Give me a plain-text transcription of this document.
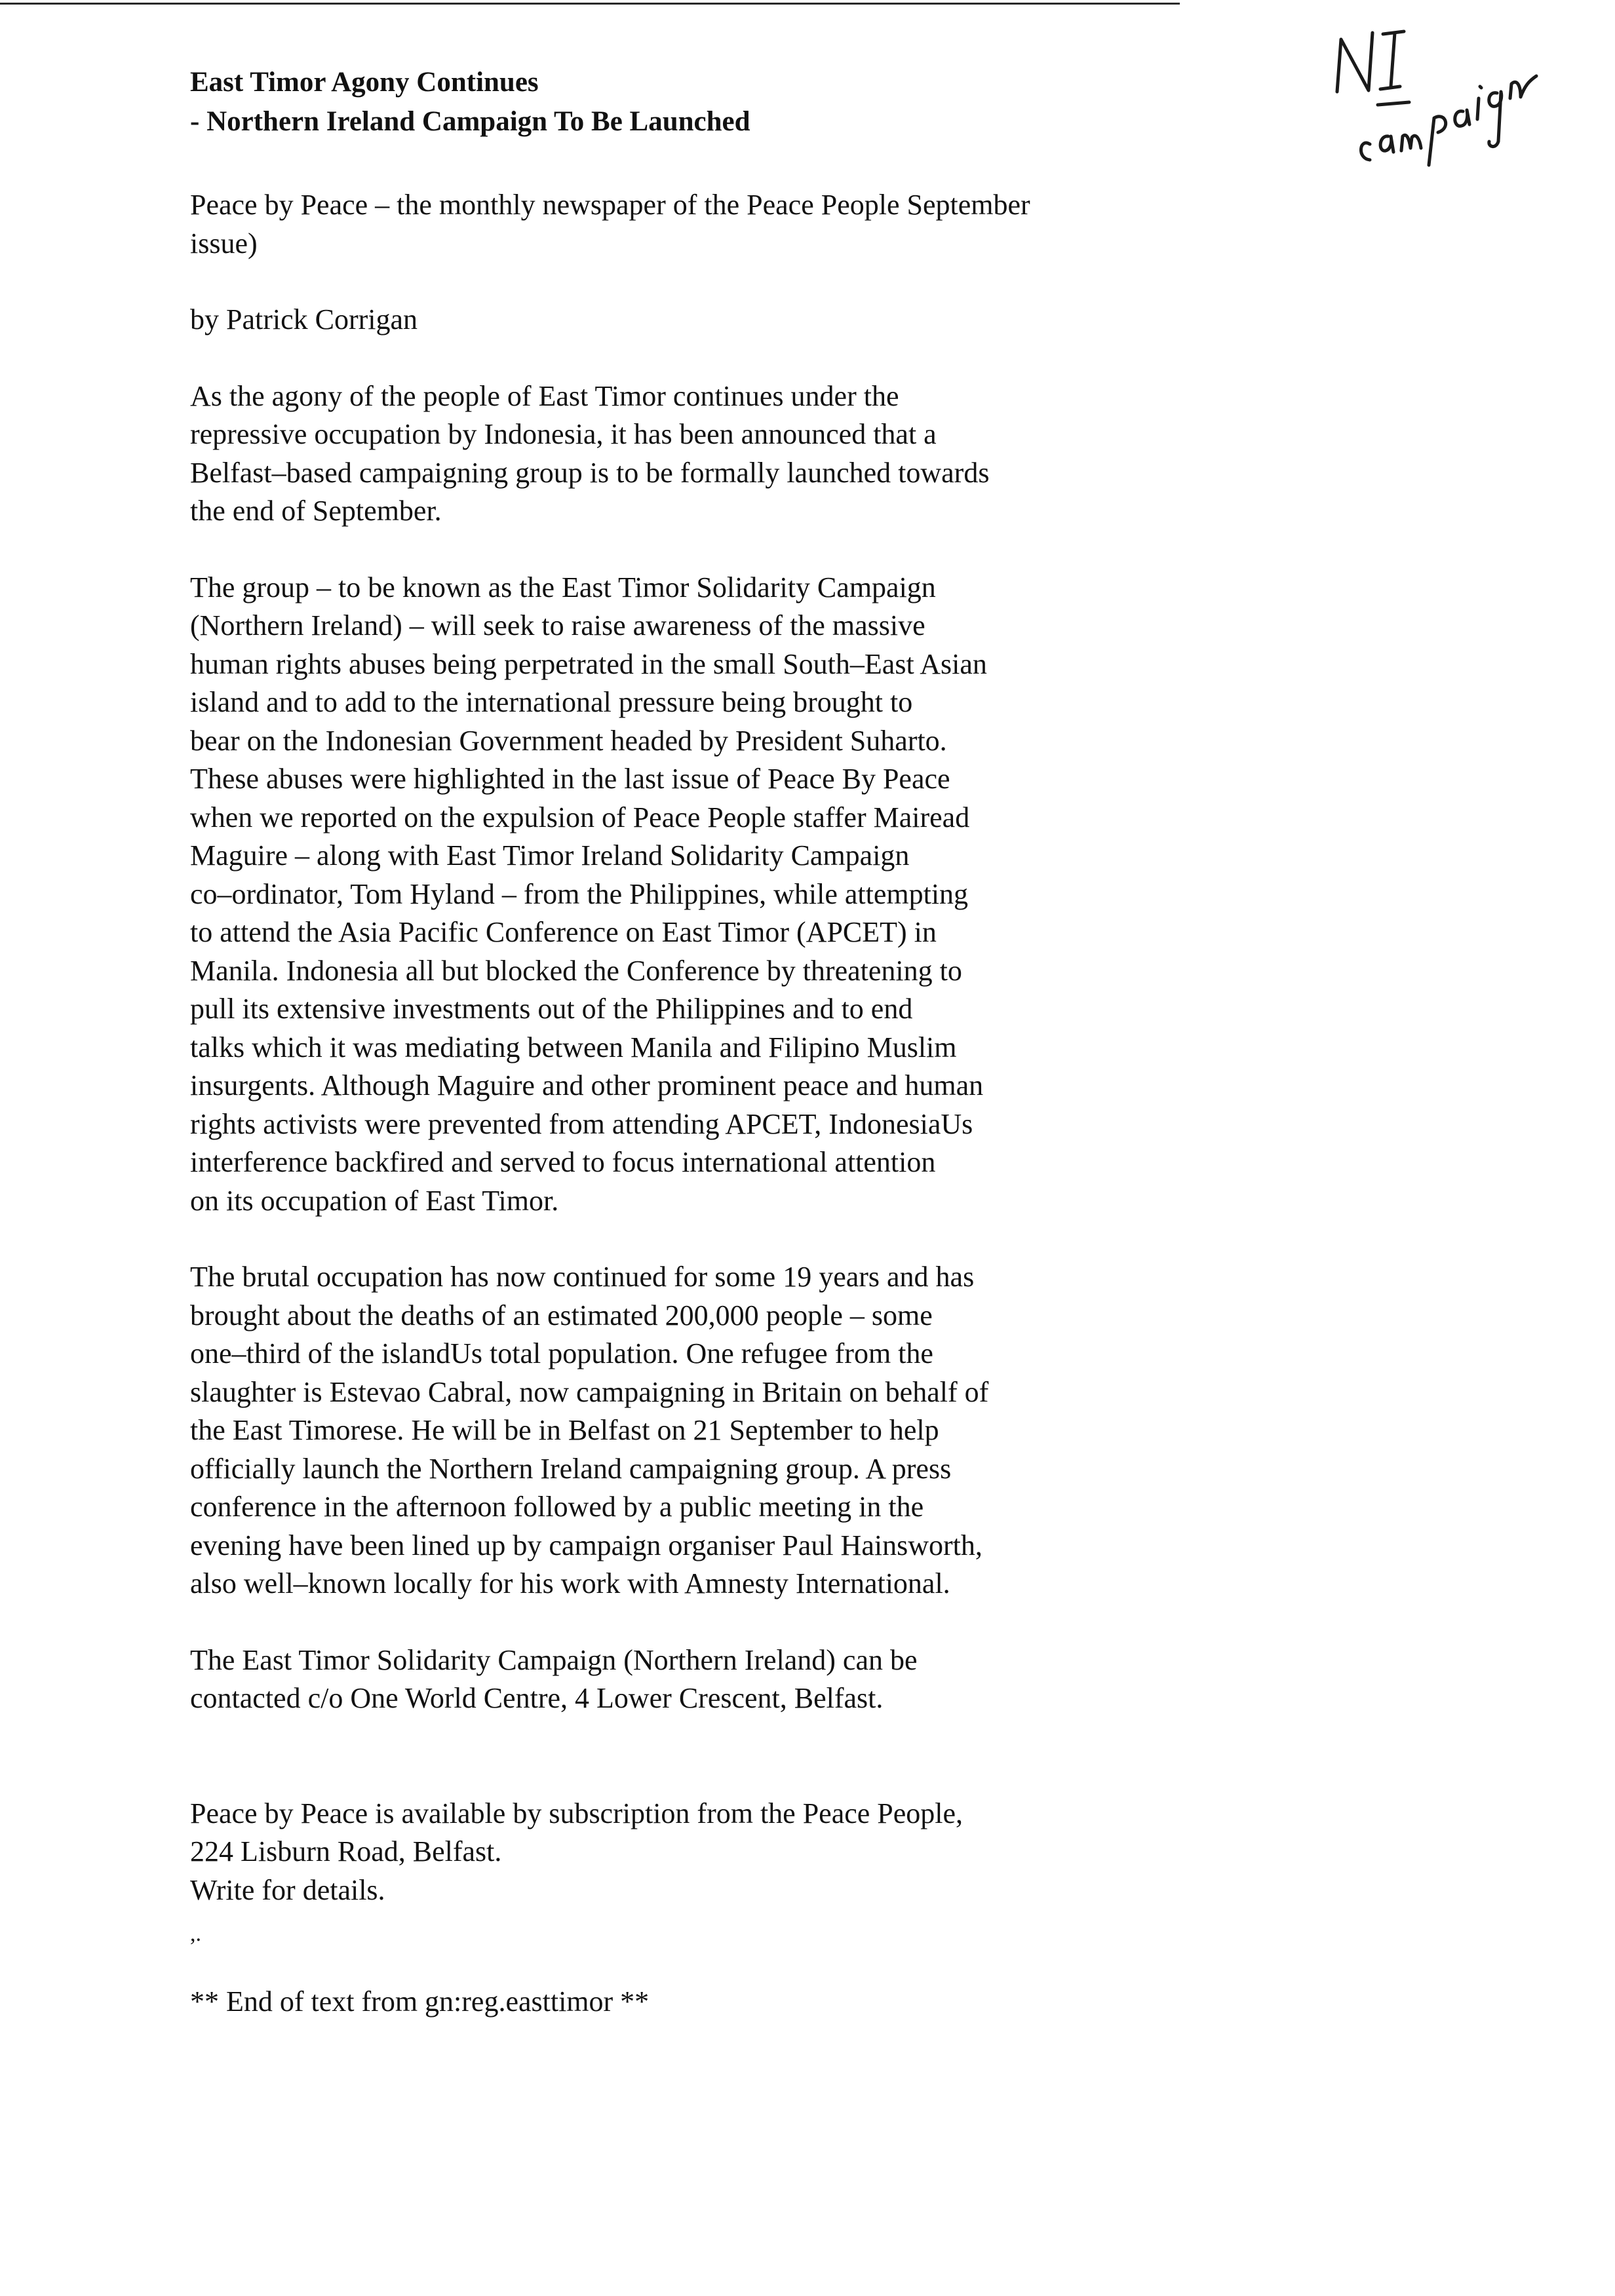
East Timor Agony Continues

- Northern Ireland Campaign To Be Launched

Peace by Peace – the monthly newspaper of the Peace People September
issue)

by Patrick Corrigan

As the agony of the people of East Timor continues under the
repressive occupation by Indonesia, it has been announced that a
Belfast–based campaigning group is to be formally launched towards
the end of September.

The group – to be known as the East Timor Solidarity Campaign
(Northern Ireland) – will seek to raise awareness of the massive
human rights abuses being perpetrated in the small South–East Asian
island and to add to the international pressure being brought to
bear on the Indonesian Government headed by President Suharto.
These abuses were highlighted in the last issue of Peace By Peace
when we reported on the expulsion of Peace People staffer Mairead
Maguire – along with East Timor Ireland Solidarity Campaign
co–ordinator, Tom Hyland – from the Philippines, while attempting
to attend the Asia Pacific Conference on East Timor (APCET) in
Manila. Indonesia all but blocked the Conference by threatening to
pull its extensive investments out of the Philippines and to end
talks which it was mediating between Manila and Filipino Muslim
insurgents. Although Maguire and other prominent peace and human
rights activists were prevented from attending APCET, IndonesiaUs
interference backfired and served to focus international attention
on its occupation of East Timor.

The brutal occupation has now continued for some 19 years and has
brought about the deaths of an estimated 200,000 people – some
one–third of the islandUs total population. One refugee from the
slaughter is Estevao Cabral, now campaigning in Britain on behalf of
the East Timorese. He will be in Belfast on 21 September to help
officially launch the Northern Ireland campaigning group. A press
conference in the afternoon followed by a public meeting in the
evening have been lined up by campaign organiser Paul Hainsworth,
also well–known locally for his work with Amnesty International.

The East Timor Solidarity Campaign (Northern Ireland) can be
contacted c/o One World Centre, 4 Lower Crescent, Belfast.

Peace by Peace is available by subscription from the Peace People,
224 Lisburn Road, Belfast.
Write for details.

,.

** End of text from gn:reg.easttimor **
